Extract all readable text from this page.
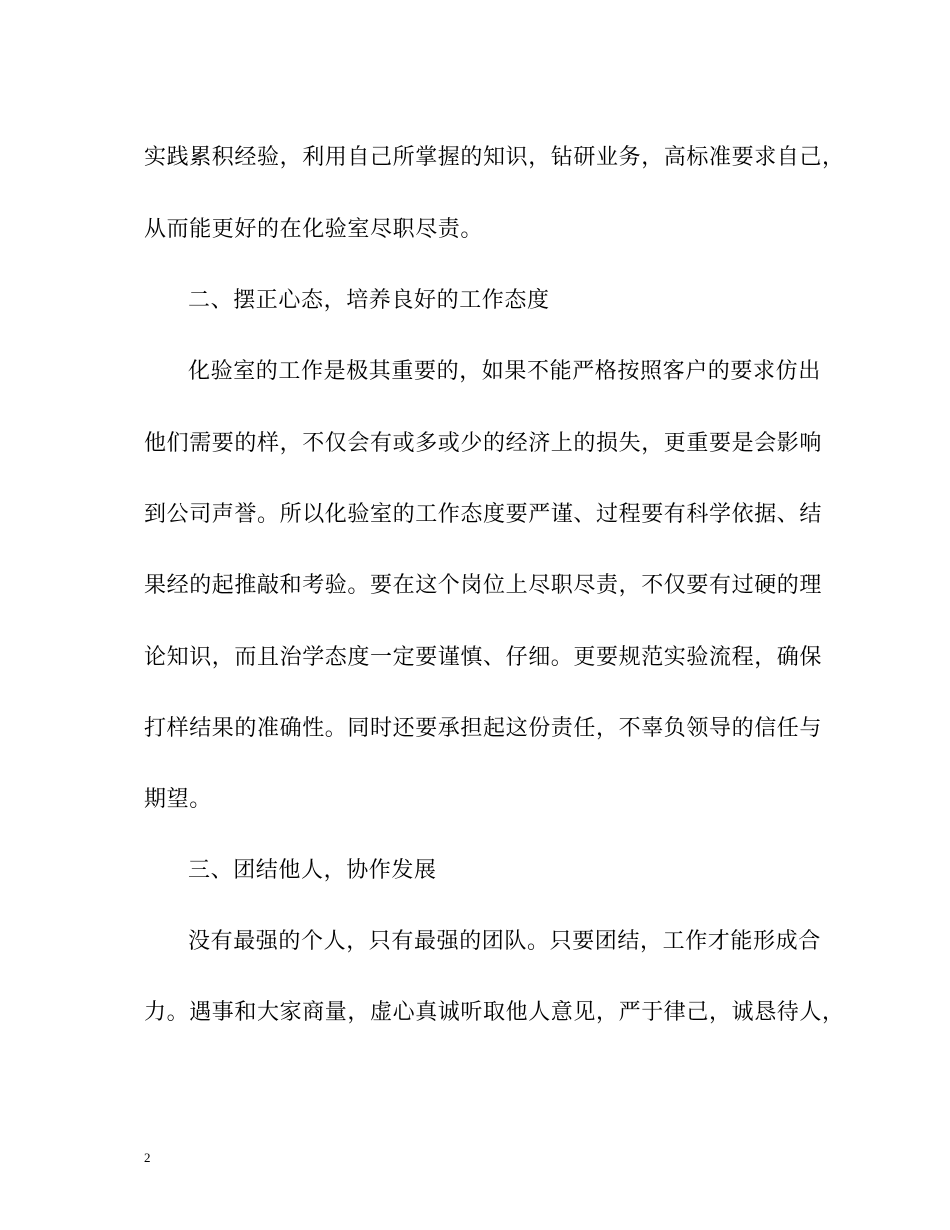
实践累积经验，利用自己所掌握的知识，钻研业务，高标准要求自己，
从而能更好的在化验室尽职尽责。
二、摆正心态，培养良好的工作态度
化验室的工作是极其重要的，如果不能严格按照客户的要求仿出
他们需要的样，不仅会有或多或少的经济上的损失，更重要是会影响
到公司声誉。所以化验室的工作态度要严谨、过程要有科学依据、结
果经的起推敲和考验。要在这个岗位上尽职尽责，不仅要有过硬的理
论知识，而且治学态度一定要谨慎、仔细。更要规范实验流程，确保
打样结果的准确性。同时还要承担起这份责任，不辜负领导的信任与
期望。
三、团结他人，协作发展
没有最强的个人，只有最强的团队。只要团结，工作才能形成合
力。遇事和大家商量，虚心真诚听取他人意见，严于律己，诚恳待人，
2
